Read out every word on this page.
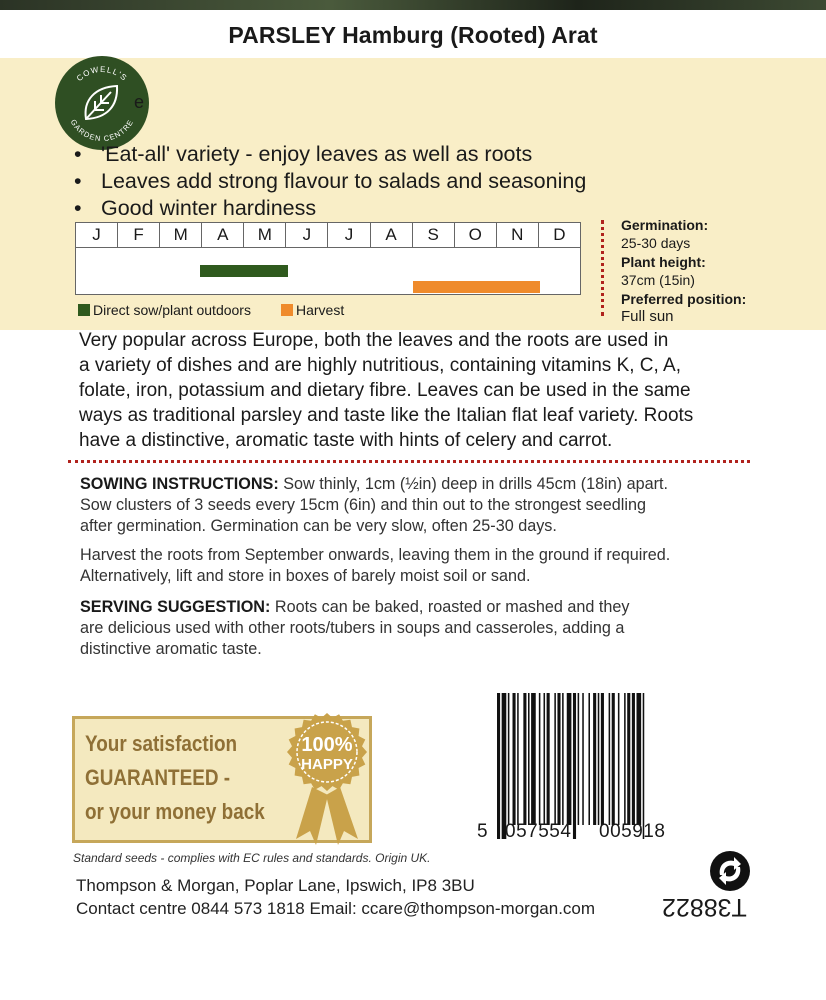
PARSLEY Hamburg (Rooted) Arat
COWELL'S
GARDEN CENTRE
e
• 'Eat-all' variety - enjoy leaves as well as roots
• Leaves add strong flavour to salads and seasoning
• Good winter hardiness
J	F	M	A	M	J	J	A	S	O	N	D
Direct sow/plant outdoors	Harvest
Germination:
25-30 days
Plant height:
37cm (15in)
Preferred position:
Full sun
Very popular across Europe, both the leaves and the roots are used in
a variety of dishes and are highly nutritious, containing vitamins K, C, A,
folate, iron, potassium and dietary fibre. Leaves can be used in the same
ways as traditional parsley and taste like the Italian flat leaf variety. Roots
have a distinctive, aromatic taste with hints of celery and carrot.
SOWING INSTRUCTIONS: Sow thinly, 1cm (½in) deep in drills 45cm (18in) apart.
Sow clusters of 3 seeds every 15cm (6in) and thin out to the strongest seedling
after germination. Germination can be very slow, often 25-30 days.
Harvest the roots from September onwards, leaving them in the ground if required.
Alternatively, lift and store in boxes of barely moist soil or sand.
SERVING SUGGESTION: Roots can be baked, roasted or mashed and they
are delicious used with other roots/tubers in soups and casseroles, adding a
distinctive aromatic taste.
Your satisfaction
GUARANTEED -
or your money back
100%
HAPPY
5 057554 005918
Standard seeds - complies with EC rules and standards. Origin UK.
Thompson & Morgan, Poplar Lane, Ipswich, IP8 3BU
Contact centre 0844 573 1818 Email: ccare@thompson-morgan.com	T38822
